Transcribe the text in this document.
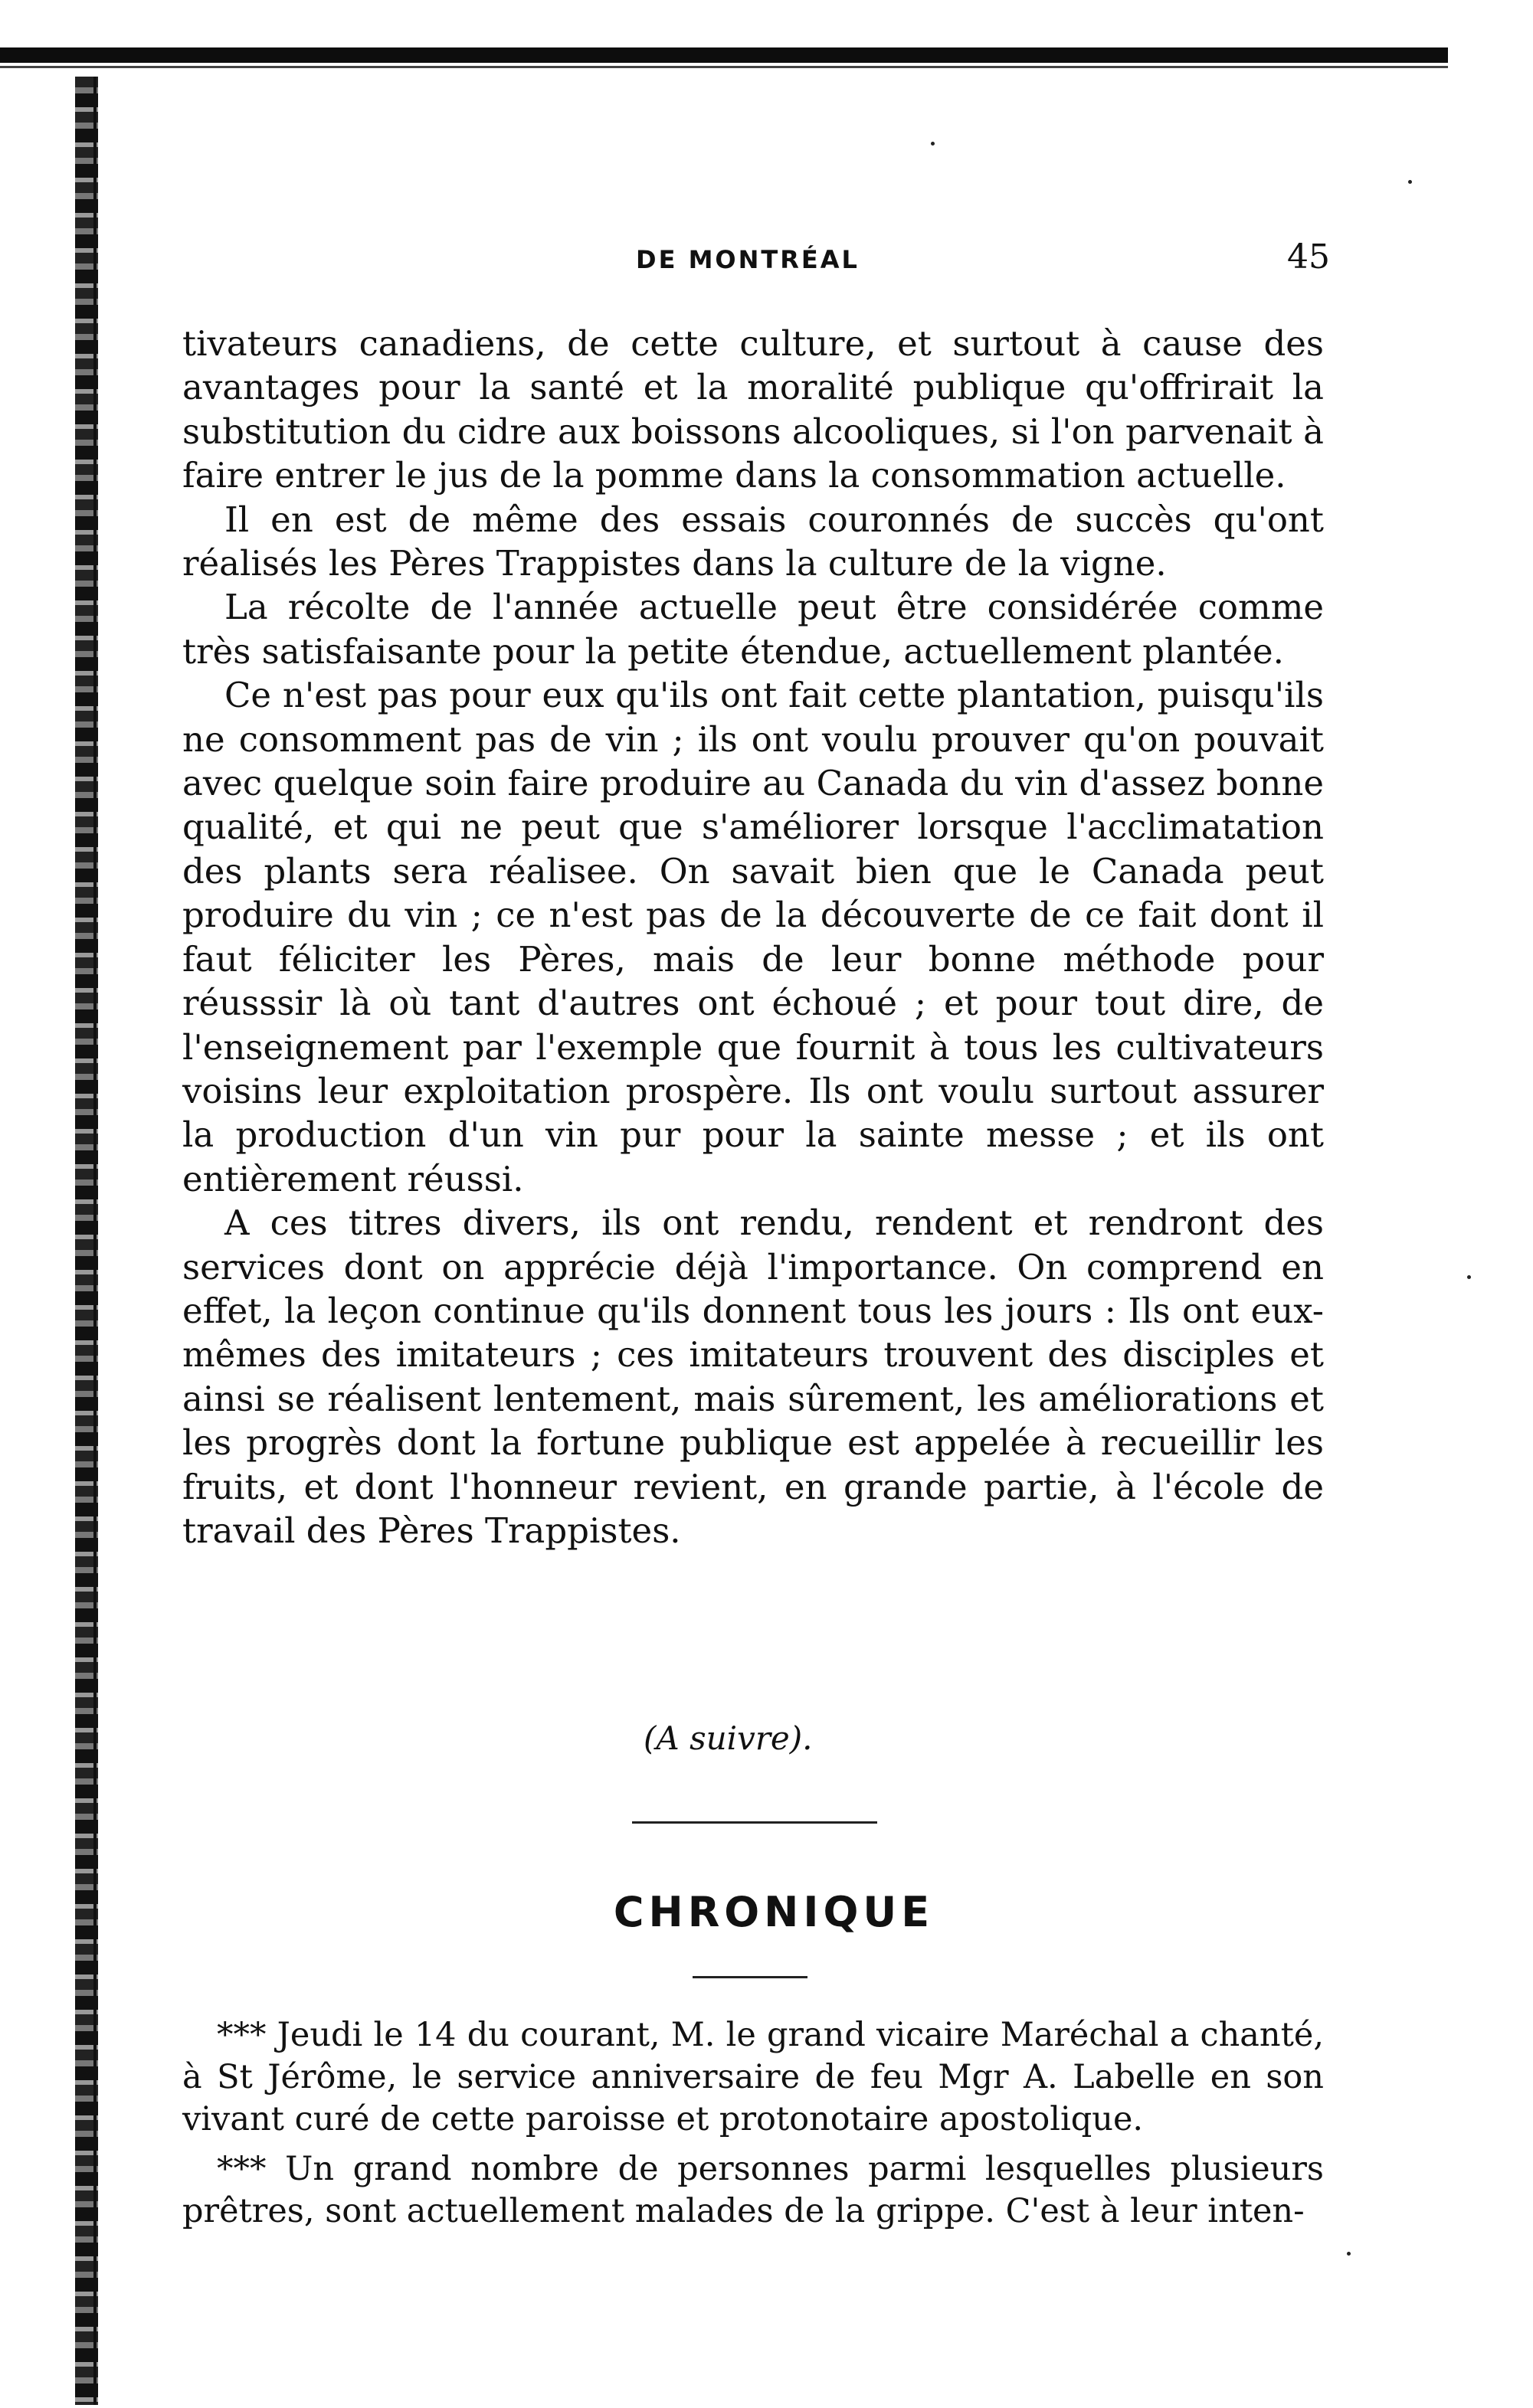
DE MONTRÉAL	45

tivateurs canadiens, de cette culture, et surtout à cause des avantages pour la santé et la moralité publique qu'offrirait la substitution du cidre aux boissons alcooliques, si l'on parvenait à faire entrer le jus de la pomme dans la consommation actuelle.

Il en est de même des essais couronnés de succès qu'ont réalisés les Pères Trappistes dans la culture de la vigne.

La récolte de l'année actuelle peut être considérée comme très satisfaisante pour la petite étendue, actuellement plantée.

Ce n'est pas pour eux qu'ils ont fait cette plantation, puisqu'ils ne consomment pas de vin ; ils ont voulu prouver qu'on pouvait avec quelque soin faire produire au Canada du vin d'assez bonne qualité, et qui ne peut que s'améliorer lorsque l'acclimatation des plants sera réalisee. On savait bien que le Canada peut produire du vin ; ce n'est pas de la découverte de ce fait dont il faut féliciter les Pères, mais de leur bonne méthode pour réusssir là où tant d'autres ont échoué ; et pour tout dire, de l'enseignement par l'exemple que fournit à tous les cultivateurs voisins leur exploitation prospère. Ils ont voulu surtout assurer la production d'un vin pur pour la sainte messe ; et ils ont entièrement réussi.

A ces titres divers, ils ont rendu, rendent et rendront des services dont on apprécie déjà l'importance. On comprend en effet, la leçon continue qu'ils donnent tous les jours : Ils ont eux-mêmes des imitateurs ; ces imitateurs trouvent des disciples et ainsi se réalisent lentement, mais sûrement, les améliorations et les progrès dont la fortune publique est appelée à recueillir les fruits, et dont l'honneur revient, en grande partie, à l'école de travail des Pères Trappistes.

(A suivre).
CHRONIQUE

*** Jeudi le 14 du courant, M. le grand vicaire Maréchal a chanté, à St Jérôme, le service anniversaire de feu Mgr A. Labelle en son vivant curé de cette paroisse et protonotaire apostolique.

*** Un grand nombre de personnes parmi lesquelles plusieurs prêtres, sont actuellement malades de la grippe. C'est à leur inten-
